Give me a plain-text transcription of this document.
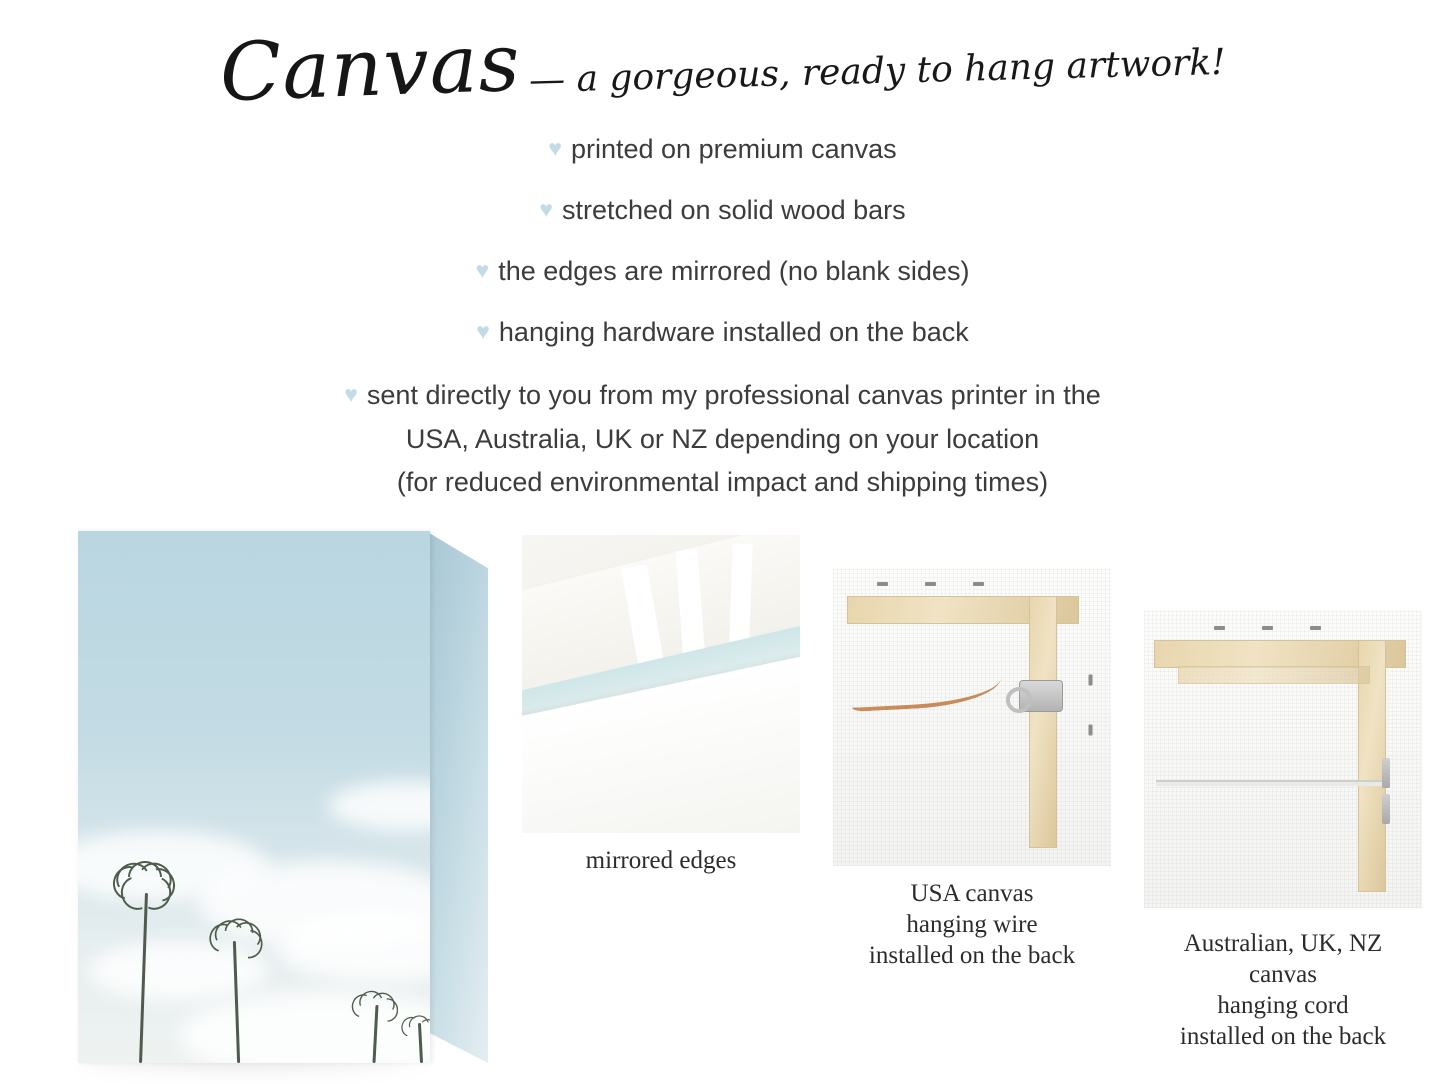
Canvas — a gorgeous, ready to hang artwork!
♥ printed on premium canvas
♥ stretched on solid wood bars
♥ the edges are mirrored (no blank sides)
♥ hanging hardware installed on the back
♥ sent directly to you from my professional canvas printer in the
USA, Australia, UK or NZ depending on your location
(for reduced environmental impact and shipping times)
mirrored edges
USA canvas
hanging wire
installed on the back	Australian, UK, NZ
canvas
hanging cord
installed on the back
